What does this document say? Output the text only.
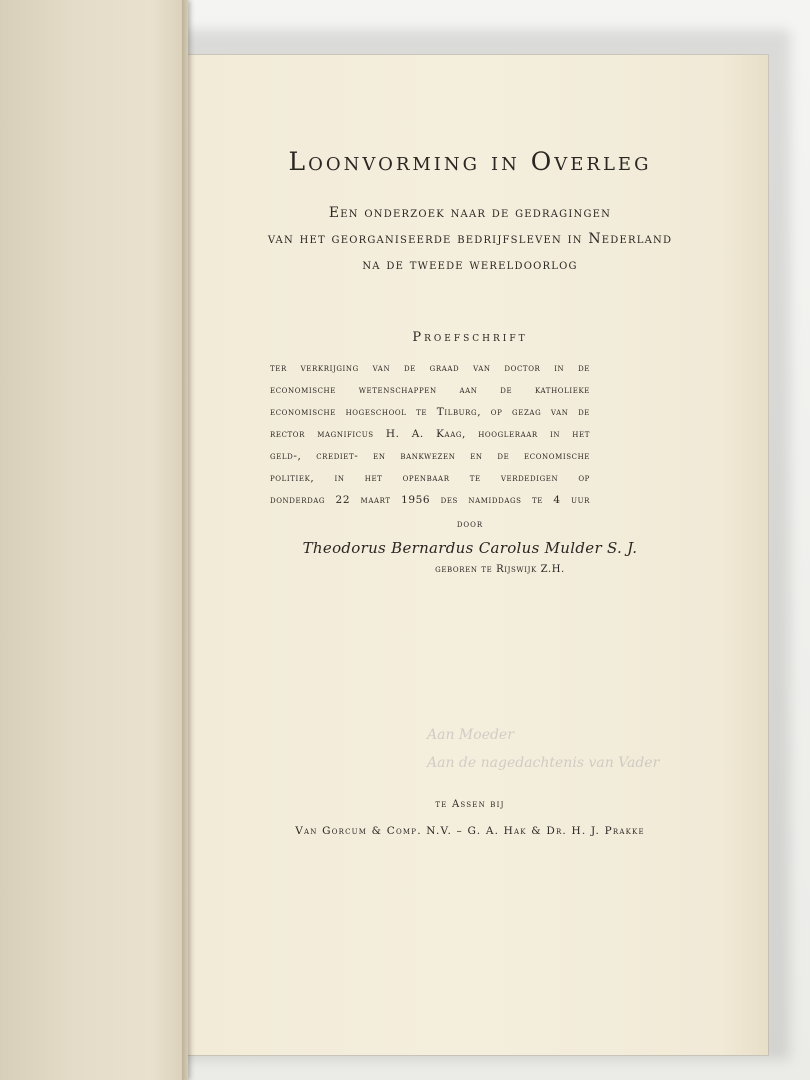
Loonvorming in Overleg
Een onderzoek naar de gedragingen
van het georganiseerde bedrijfsleven in Nederland
na de tweede wereldoorlog
Proefschrift
ter verkrijging van de graad van doctor in de
economische wetenschappen aan de katholieke
economische hogeschool te Tilburg, op gezag van de
rector magnificus H. A. Kaag, hoogleraar in het
geld-, crediet- en bankwezen en de economische
politiek, in het openbaar te verdedigen op
donderdag 22 maart 1956 des namiddags te 4 uur
door
Theodorus Bernardus Carolus Mulder S. J.
geboren te Rijswijk Z.H.
Aan Moeder
Aan de nagedachtenis van Vader
te Assen bij
Van Gorcum & Comp. N.V. – G. A. Hak & Dr. H. J. Prakke
